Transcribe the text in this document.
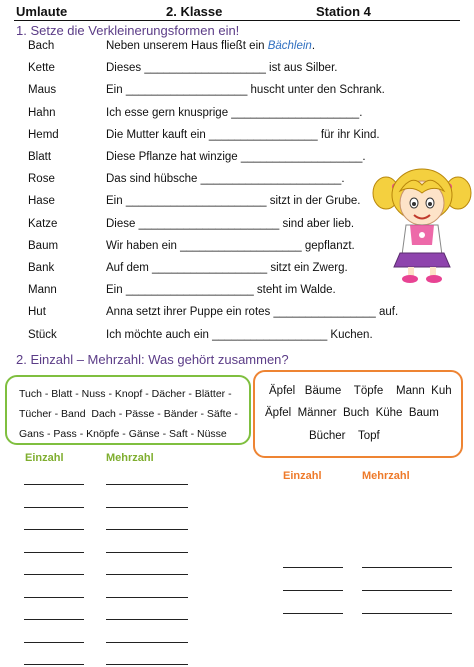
Umlaute	2. Klasse	Station 4
1. Setze die Verkleinerungsformen ein!
Bach	Neben unserem Haus fließt ein Bächlein.
Kette	Dieses ___________________ ist aus Silber.
Maus	Ein ___________________ huscht unter den Schrank.
Hahn	Ich esse gern knusprige ____________________.
Hemd	Die Mutter kauft ein _________________ für ihr Kind.
Blatt	Diese Pflanze hat winzige ___________________.
Rose	Das sind hübsche ______________________.
Hase	Ein ______________________ sitzt in der Grube.
Katze	Diese ______________________ sind aber lieb.
Baum	Wir haben ein ___________________ gepflanzt.
Bank	Auf dem __________________ sitzt ein Zwerg.
Mann	Ein ____________________ steht im Walde.
Hut	Anna setzt ihrer Puppe ein rotes ________________ auf.
Stück	Ich möchte auch ein __________________ Kuchen.
2. Einzahl – Mehrzahl: Was gehört zusammen?
Tuch - Blatt - Nuss - Knopf - Dächer - Blätter -
Tücher - Band  Dach - Pässe - Bänder - Säfte -
Gans - Pass - Knöpfe - Gänse - Saft - Nüsse
Äpfel   Bäume    Töpfe    Mann  Kuh
Äpfel  Männer  Buch  Kühe  Baum
Bücher    Topf
Einzahl	Mehrzahl
Einzahl	Mehrzahl
